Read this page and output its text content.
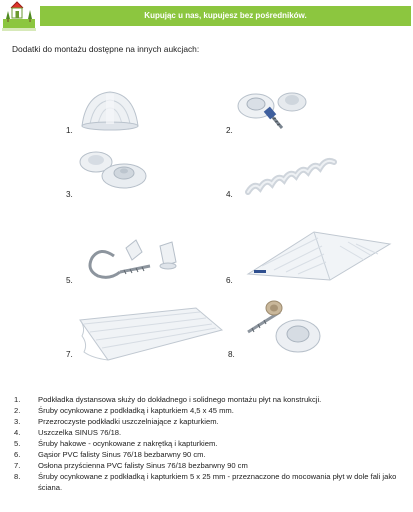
Kupując u nas, kupujesz bez pośredników.
Dodatki do montażu dostępne na innych aukcjach:
1.	2.
3.	4.
5.	6.
7.	8.
1. Podkładka dystansowa służy do dokładnego i solidnego montażu płyt na konstrukcji.
2. Śruby ocynkowane z podkładką i kapturkiem 4,5 x 45 mm.
3. Przezroczyste podkładki uszczelniające z kapturkiem.
4. Uszczelka SINUS 76/18.
5. Śruby hakowe - ocynkowane z nakrętką i kapturkiem.
6. Gąsior PVC falisty Sinus 76/18 bezbarwny 90 cm.
7. Osłona przyścienna PVC falisty Sinus 76/18 bezbarwny 90 cm
8. Śruby ocynkowane z podkładką i kapturkiem 5 x 25 mm - przeznaczone do mocowania płyt w dole fali jako ściana.
